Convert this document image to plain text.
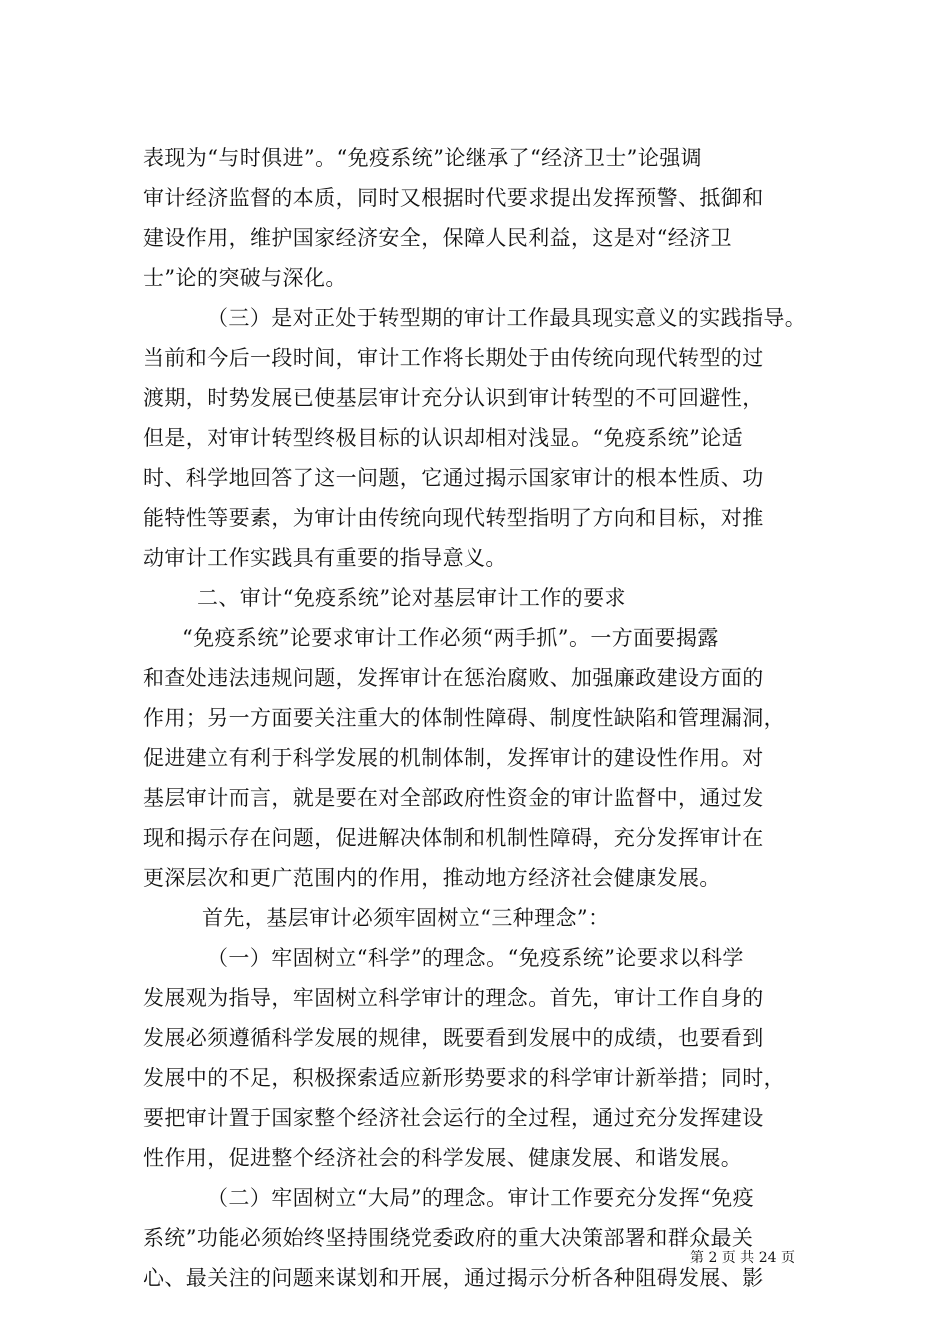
表现为“与时俱进”。“免疫系统”论继承了“经济卫士”论强调
审计经济监督的本质，同时又根据时代要求提出发挥预警、抵御和
建设作用，维护国家经济安全，保障人民利益，这是对“经济卫
士”论的突破与深化。
（三）是对正处于转型期的审计工作最具现实意义的实践指导。
当前和今后一段时间，审计工作将长期处于由传统向现代转型的过
渡期，时势发展已使基层审计充分认识到审计转型的不可回避性，
但是，对审计转型终极目标的认识却相对浅显。“免疫系统”论适
时、科学地回答了这一问题，它通过揭示国家审计的根本性质、功
能特性等要素，为审计由传统向现代转型指明了方向和目标，对推
动审计工作实践具有重要的指导意义。
二、审计“免疫系统”论对基层审计工作的要求
“免疫系统”论要求审计工作必须“两手抓”。一方面要揭露
和查处违法违规问题，发挥审计在惩治腐败、加强廉政建设方面的
作用；另一方面要关注重大的体制性障碍、制度性缺陷和管理漏洞，
促进建立有利于科学发展的机制体制，发挥审计的建设性作用。对
基层审计而言，就是要在对全部政府性资金的审计监督中，通过发
现和揭示存在问题，促进解决体制和机制性障碍，充分发挥审计在
更深层次和更广范围内的作用，推动地方经济社会健康发展。
首先，基层审计必须牢固树立“三种理念”：
（一）牢固树立“科学”的理念。“免疫系统”论要求以科学
发展观为指导，牢固树立科学审计的理念。首先，审计工作自身的
发展必须遵循科学发展的规律，既要看到发展中的成绩，也要看到
发展中的不足，积极探索适应新形势要求的科学审计新举措；同时，
要把审计置于国家整个经济社会运行的全过程，通过充分发挥建设
性作用，促进整个经济社会的科学发展、健康发展、和谐发展。
（二）牢固树立“大局”的理念。审计工作要充分发挥“免疫
系统”功能必须始终坚持围绕党委政府的重大决策部署和群众最关
心、最关注的问题来谋划和开展，通过揭示分析各种阻碍发展、影
第 2 页 共 24 页
